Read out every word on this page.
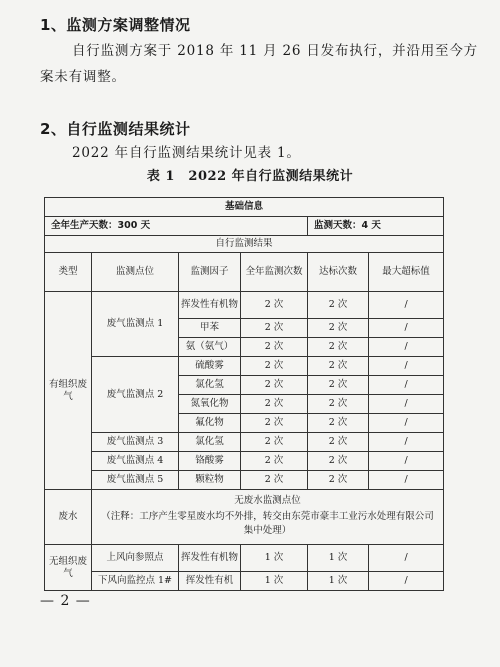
1、监测方案调整情况
自行监测方案于 2018 年 11 月 26 日发布执行，并沿用至今方
案未有调整。
2、自行监测结果统计
2022 年自行监测结果统计见表 1。
表 1　2022 年自行监测结果统计
基础信息					
全年生产天数：300 天				监测天数：4 天	
自行监测结果					
类型	监测点位	监测因子	全年监测次数	达标次数	最大超标值
有组织废气	废气监测点 1	挥发性有机物	2 次	2 次	/
		甲苯	2 次	2 次	/
		氨（氨气）	2 次	2 次	/
	废气监测点 2	硫酸雾	2 次	2 次	/
		氯化氢	2 次	2 次	/
		氮氧化物	2 次	2 次	/
		氟化物	2 次	2 次	/
	废气监测点 3	氯化氢	2 次	2 次	/
	废气监测点 4	铬酸雾	2 次	2 次	/
	废气监测点 5	颗粒物	2 次	2 次	/
废水	无废水监测点位
（注释：工序产生零星废水均不外排，转交由东莞市豪丰工业污水处理有限公司集中处理）				

无组织废气	上风向参照点	挥发性有机物	1 次	1 次	/
	下风向监控点 1#	挥发性有机	1 次	1 次	/
— 2 —
